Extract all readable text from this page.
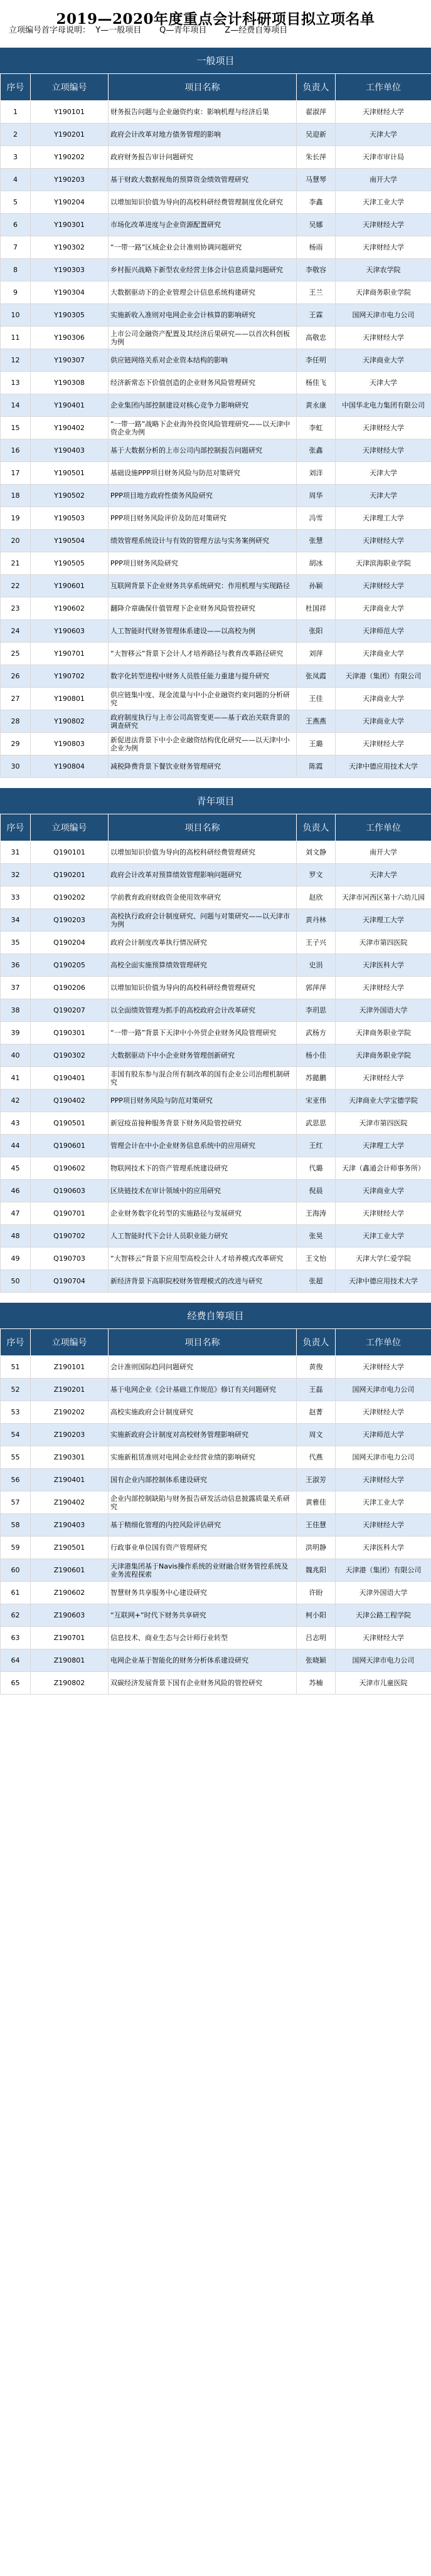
2019—2020年度重点会计科研项目拟立项名单
立项编号首字母说明：  Y—一般项目       Q—青年项目       Z—经费自筹项目
一般项目
序号	立项编号	项目名称	负责人	工作单位
1	Y190101	财务报告问题与企业融资约束：影响机理与经济后果	翟淑萍	天津财经大学
2	Y190201	政府会计改革对地方债务管理的影响	吴迎新	天津大学
3	Y190202	政府财务报告审计问题研究	朱长萍	天津市审计局
4	Y190203	基于财政大数据视角的预算资金绩效管理研究	马慧琴	南开大学
5	Y190204	以增加知识价值为导向的高校科研经费管理制度优化研究	李鑫	天津工业大学
6	Y190301	市场化改革进度与企业资源配置研究	吴娜	天津财经大学
7	Y190302	“一带一路”区域企业会计准则协调问题研究	杨雨	天津财经大学
8	Y190303	乡村振兴战略下新型农业经营主体会计信息质量问题研究	李敬容	天津农学院
9	Y190304	大数据驱动下的企业管理会计信息系统构建研究	王兰	天津商务职业学院
10	Y190305	实施新收入准则对电网企业会计核算的影响研究	王霖	国网天津市电力公司
11	Y190306	上市公司金融资产配置及其经济后果研究——以首次科创板为例	高敬忠	天津财经大学
12	Y190307	供应链网络关系对企业资本结构的影响	李任明	天津商业大学
13	Y190308	经济新常态下价值创造的企业财务风险管理研究	杨佳飞	天津大学
14	Y190401	企业集团内部控制建设对核心竞争力影响研究	黄永康	中国华北电力集团有限公司
15	Y190402	“一带一路”战略下企业海外投资风险管理研究——以天津中资企业为例	李虹	天津财经大学
16	Y190403	基于大数据分析的上市公司内部控制报告问题研究	张鑫	天津财经大学
17	Y190501	基础设施PPP项目财务风险与防范对策研究	刘洋	天津大学
18	Y190502	PPP项目地方政府性债务风险研究	周华	天津大学
19	Y190503	PPP项目财务风险评价及防范对策研究	冯雪	天津理工大学
20	Y190504	绩效管理系统设计与有效的管理方法与实务案例研究	张慧	天津财经大学
21	Y190505	PPP项目财务风险研究	胡冰	天津滨海职业学院
22	Y190601	互联网背景下企业财务共享系统研究：作用机理与实现路径	孙颖	天津财经大学
23	Y190602	翻降介章确保什值管理下企业财务风险管控研究	杜国祥	天津商业大学
24	Y190603	人工智能时代财务管理体系建设——以高校为例	张阳	天津师范大学
25	Y190701	“大智移云”背景下会计人才培养路径与教育改革路径研究	刘萍	天津商业大学
26	Y190702	数字化转型进程中财务人员胜任能力重建与提升研究	张凤霞	天津港（集团）有限公司
27	Y190801	供应链集中度、现金流量与中小企业融资约束问题的分析研究	王佳	天津商业大学
28	Y190802	政府制度执行与上市公司高管变更——基于政治关联背景的调查研究	王燕燕	天津商业大学
29	Y190803	新促进法背景下中小企业融资结构优化研究——以天津中小企业为例	王璐	天津财经大学
30	Y190804	减税降费背景下餐饮业财务管理研究	陈霞	天津中德应用技术大学
青年项目
序号	立项编号	项目名称	负责人	工作单位
31	Q190101	以增加知识价值为导向的高校科研经费管理研究	刘文静	南开大学
32	Q190201	政府会计改革对预算绩效管理影响问题研究	罗文	天津大学
33	Q190202	学前教育政府财政资金使用效率研究	赵欣	天津市河西区第十六幼儿园
34	Q190203	高校执行政府会计制度研究、问题与对策研究——以天津市为例	黄丹林	天津理工大学
35	Q190204	政府会计制度改革执行情况研究	王子兴	天津市第四医院
36	Q190205	高校全面实施预算绩效管理研究	史涓	天津医科大学
37	Q190206	以增加知识价值为导向的高校科研经费管理研究	郭萍萍	天津财经大学
38	Q190207	以全面绩效管理为抓手的高校政府会计改革研究	李玥思	天津外国语大学
39	Q190301	“一带一路”背景下天津中小外贸企业财务风险管理研究	武杨方	天津商务职业学院
40	Q190302	大数据驱动下中小企业财务管理创新研究	杨小佳	天津商务职业学院
41	Q190401	非国有股东参与混合所有制改革的国有企业公司治理机制研究	苏懿鹏	天津财经大学
42	Q190402	PPP项目财务风险与防范对策研究	宋亚伟	天津商业大学宝德学院
43	Q190501	新冠疫苗接种服务背景下财务风险管控研究	武思思	天津市第四医院
44	Q190601	管理会计在中小企业财务信息系统中的应用研究	王红	天津理工大学
45	Q190602	物联网技术下的资产管理系统建设研究	代璐	天津（鑫通会计师事务所）
46	Q190603	区块链技术在审计领域中的应用研究	倪晨	天津商业大学
47	Q190701	企业财务数字化转型的实施路径与发展研究	王海涛	天津财经大学
48	Q190702	人工智能时代下会计人员职业能力研究	张昊	天津工业大学
49	Q190703	“大智移云”背景下应用型高校会计人才培养模式改革研究	王文怡	天津大学仁爱学院
50	Q190704	新经济背景下高职院校财务管理模式的改进与研究	张超	天津中德应用技术大学
经费自筹项目
序号	立项编号	项目名称	负责人	工作单位
51	Z190101	会计准则国际趋同问题研究	黄俊	天津财经大学
52	Z190201	基于电网企业《会计基础工作规范》修订有关问题研究	王磊	国网天津市电力公司
53	Z190202	高校实施政府会计制度研究	赵菁	天津财经大学
54	Z190203	实施新政府会计制度对高校财务管理影响研究	周文	天津师范大学
55	Z190301	实施新租赁准则对电网企业经营业绩的影响研究	代燕	国网天津市电力公司
56	Z190401	国有企业内部控制体系建设研究	王淑芳	天津财经大学
57	Z190402	企业内部控制缺陷与财务报告研发活动信息披露质量关系研究	黄雅佳	天津工业大学
58	Z190403	基于精细化管理的内控风险评估研究	王佳慧	天津财经大学
59	Z190501	行政事业单位国有资产管理研究	洪明静	天津医科大学
60	Z190601	天津港集团基于Navis操作系统的业财融合财务管控系统及业务流程探索	魏兆阳	天津港（集团）有限公司
61	Z190602	智慧财务共享服务中心建设研究	许盼	天津外国语大学
62	Z190603	“互联网+”时代下财务共享研究	柯小阳	天津公路工程学院
63	Z190701	信息技术、商业生态与会计师行业转型	吕志明	天津财经大学
64	Z190801	电网企业基于智能化的财务分析体系建设研究	张晓颖	国网天津市电力公司
65	Z190802	双碳经济发展背景下国有企业财务风险的管控研究	苏楠	天津市儿童医院
